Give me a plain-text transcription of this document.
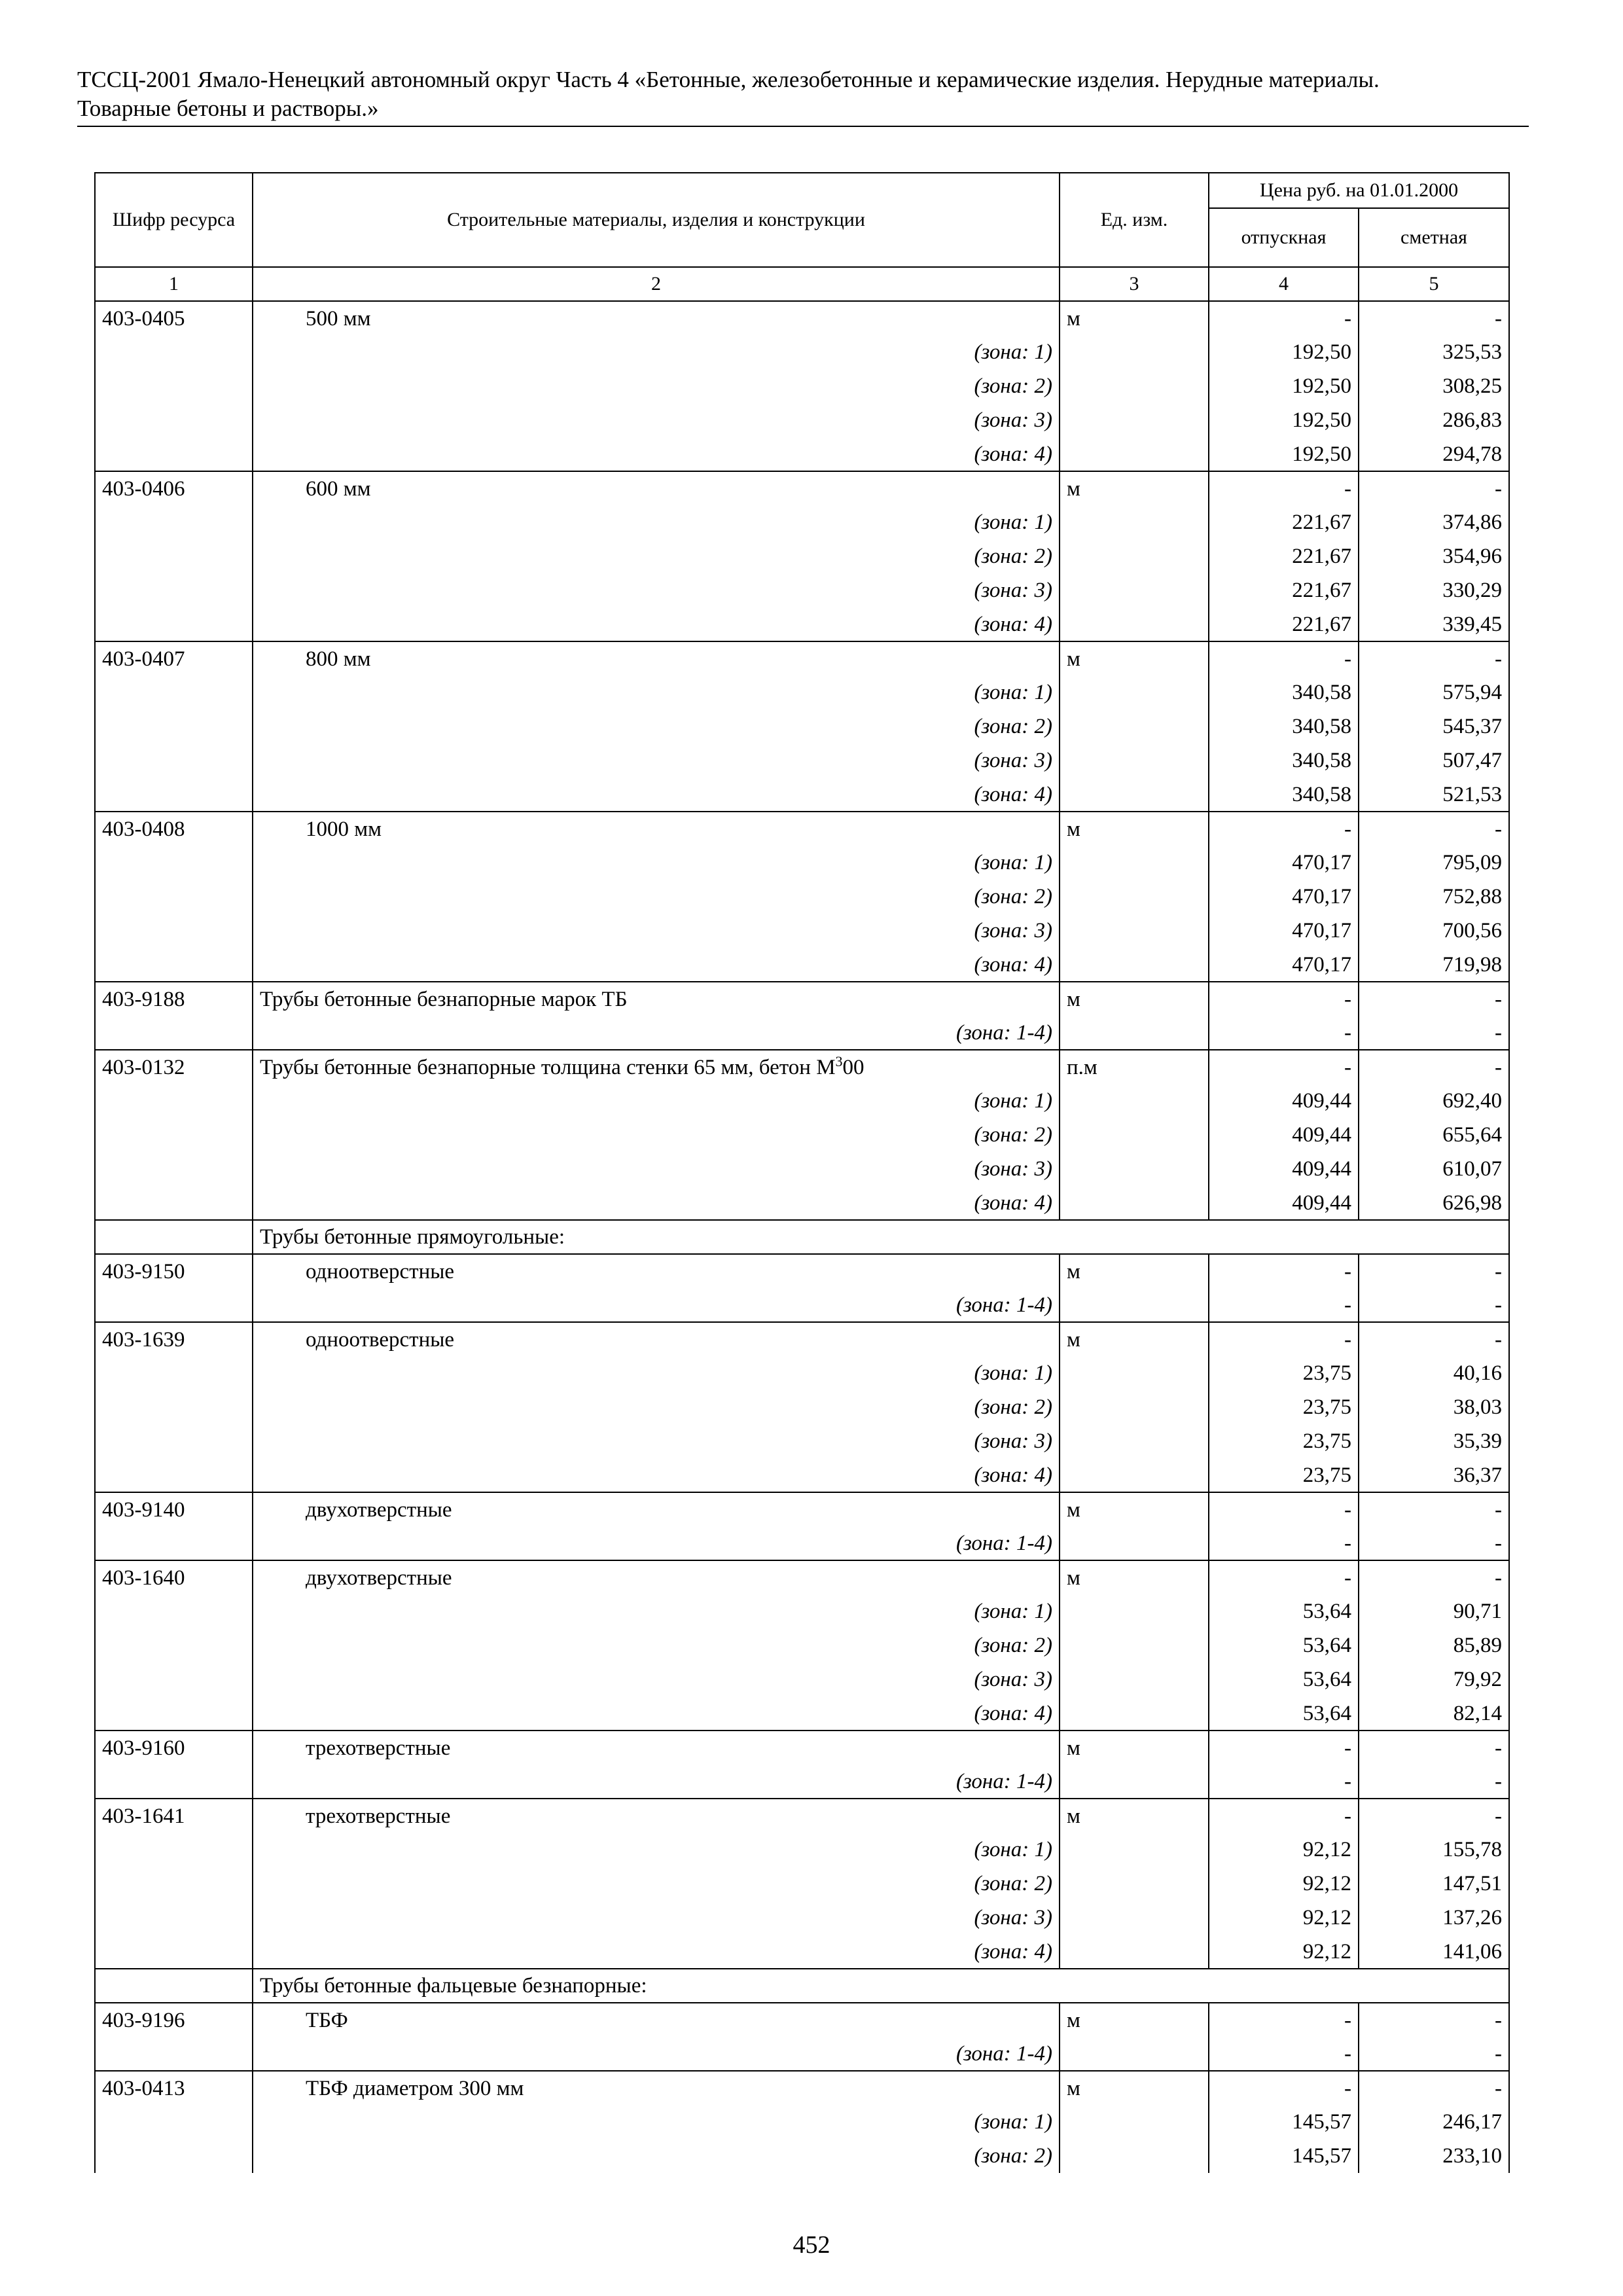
ТССЦ-2001 Ямало-Ненецкий автономный округ Часть 4 «Бетонные, железобетонные и керамические изделия. Нерудные материалы.
Товарные бетоны и растворы.»
Шифр ресурса	Строительные материалы, изделия и конструкции	Ед. изм.	Цена руб. на 01.01.2000	
			отпускная	сметная
1	2	3	4	5
403-0405	500 мм	м	-	-
	(зона: 1)		192,50	325,53
	(зона: 2)		192,50	308,25
	(зона: 3)		192,50	286,83
	(зона: 4)		192,50	294,78
403-0406	600 мм	м	-	-
	(зона: 1)		221,67	374,86
	(зона: 2)		221,67	354,96
	(зона: 3)		221,67	330,29
	(зона: 4)		221,67	339,45
403-0407	800 мм	м	-	-
	(зона: 1)		340,58	575,94
	(зона: 2)		340,58	545,37
	(зона: 3)		340,58	507,47
	(зона: 4)		340,58	521,53
403-0408	1000 мм	м	-	-
	(зона: 1)		470,17	795,09
	(зона: 2)		470,17	752,88
	(зона: 3)		470,17	700,56
	(зона: 4)		470,17	719,98
403-9188	Трубы бетонные безнапорные марок ТБ	м	-	-
	(зона: 1-4)		-	-
403-0132	Трубы бетонные безнапорные толщина стенки 65 мм, бетон $М^300$	п.м	-	-
	(зона: 1)		409,44	692,40
	(зона: 2)		409,44	655,64
	(зона: 3)		409,44	610,07
	(зона: 4)		409,44	626,98
	Трубы бетонные прямоугольные:			
403-9150	одноотверстные	м	-	-
	(зона: 1-4)		-	-
403-1639	одноотверстные	м	-	-
	(зона: 1)		23,75	40,16
	(зона: 2)		23,75	38,03
	(зона: 3)		23,75	35,39
	(зона: 4)		23,75	36,37
403-9140	двухотверстные	м	-	-
	(зона: 1-4)		-	-
403-1640	двухотверстные	м	-	-
	(зона: 1)		53,64	90,71
	(зона: 2)		53,64	85,89
	(зона: 3)		53,64	79,92
	(зона: 4)		53,64	82,14
403-9160	трехотверстные	м	-	-
	(зона: 1-4)		-	-
403-1641	трехотверстные	м	-	-
	(зона: 1)		92,12	155,78
	(зона: 2)		92,12	147,51
	(зона: 3)		92,12	137,26
	(зона: 4)		92,12	141,06
	Трубы бетонные фальцевые безнапорные:			
403-9196	ТБФ	м	-	-
	(зона: 1-4)		-	-
403-0413	ТБФ диаметром 300 мм	м	-	-
	(зона: 1)		145,57	246,17
	(зона: 2)		145,57	233,10
452
